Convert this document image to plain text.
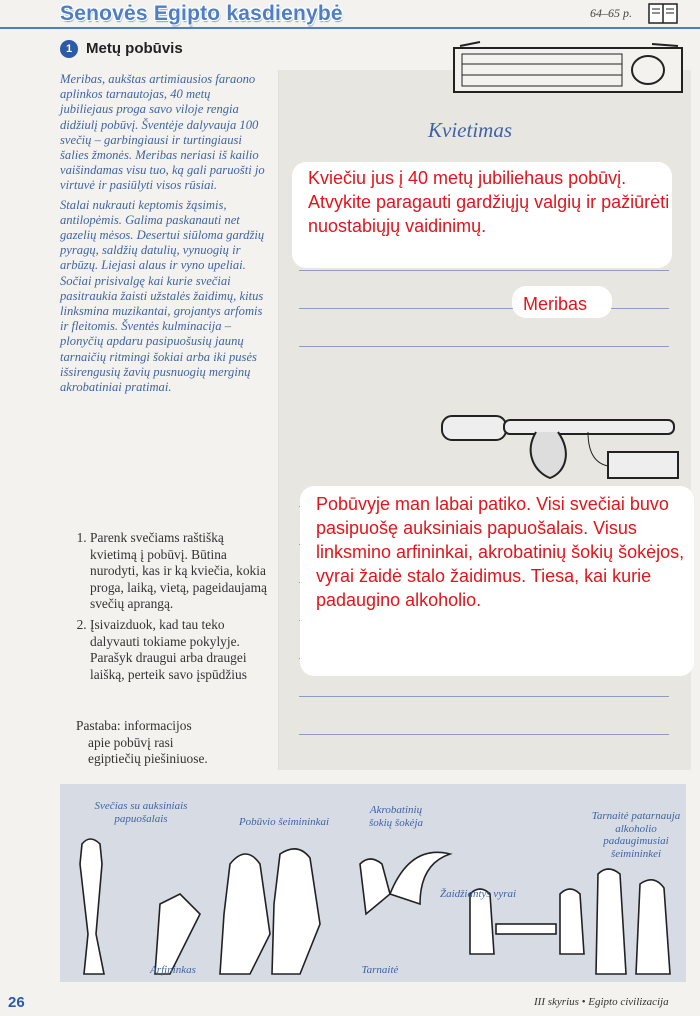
Senovės Egipto kasdienybė	64–65 p.
1 Metų pobūvis

Meribas, aukštas artimiausios faraono aplinkos tarnautojas, 40 metų jubiliejaus proga savo viloje rengia didžiulį pobūvį. Šventėje dalyvauja 100 svečių – garbingiausi ir turtingiausi šalies žmonės. Meribas neriasi iš kailio vaišindamas visu tuo, ką gali paruošti jo virtuvė ir pasiūlyti visos rūsiai.

Stalai nukrauti keptomis žąsimis, antilopėmis. Galima paskanauti net gazelių mėsos. Desertui siūloma gardžių pyragų, saldžių datulių, vynuogių ir arbūzų. Liejasi alaus ir vyno upeliai. Sočiai prisivalgę kai kurie svečiai pasitraukia žaisti užstalės žaidimų, kitus linksmina muzikantai, grojantys arfomis ir fleitomis. Šventės kulminacija – plonyčių apdaru pasipuošusių jaunų tarnaičių ritmingi šokiai arba iki pusės išsirengusių žavių pusnuogių merginų akrobatiniai pratimai.

1. Parenk svečiams raštišką kvietimą į pobūvį. Būtina nurodyti, kas ir ką kviečia, kokia proga, laiką, vietą, pageidaujamą svečių aprangą.
2. Įsivaizduok, kad tau teko dalyvauti tokiame pokylyje. Parašyk draugui arba draugei laišką, perteik savo įspūdžius
Pastaba: informacijos
apie pobūvį rasi
egiptiečių piešiniuose.
Kvietimas
Kviečiu jus į 40 metų jubiliehaus pobūvį. Atvykite paragauti gardžiųjų valgių ir pažiūrėti nuostabiųjų vaidinimų.
Meribas
Pobūvyje man labai patiko. Visi svečiai buvo pasipuošę auksiniais papuošalais. Visus linksmino arfininkai, akrobatinių šokių šokėjos, vyrai žaidė stalo žaidimus. Tiesa, kai kurie padaugino alkoholio.
Svečias su auksiniais papuošalais	Pobūvio šeimininkai
Akrobatinių šokių šokėja
Tarnaitė patarnauja alkoholio padaugimusiai šeimininkei
Žaidžiantys vyrai
Arfininkas	Tarnaitė
26	III skyrius • Egipto civilizacija
